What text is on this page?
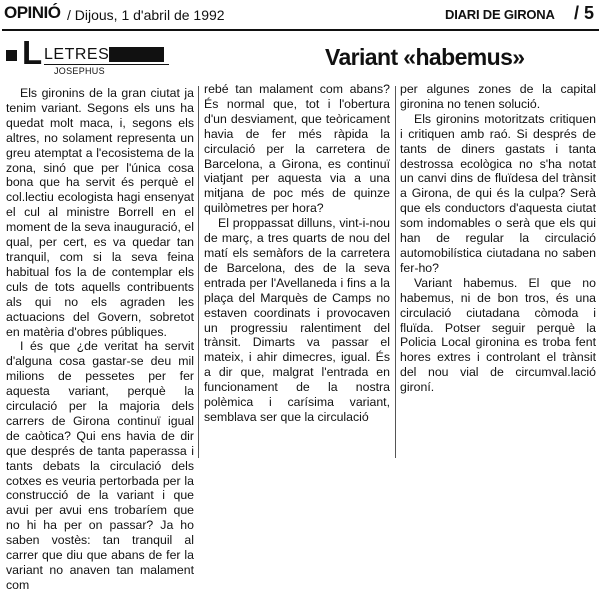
OPINIÓ / Dijous, 1 d'abril de 1992	DIARI DE GIRONA / 5
L LETRES
JOSEPHUS
Variant «habemus»

Els gironins de la gran ciutat ja tenim variant. Segons els uns ha quedat molt maca, i, segons els altres, no solament representa un greu atemptat a l'ecosistema de la zona, sinó que per l'única cosa bona que ha servit és perquè el col.lectiu ecologista hagi ensenyat el cul al ministre Borrell en el moment de la seva inauguració, el qual, per cert, es va quedar tan tranquil, com si la seva feina habitual fos la de contemplar els culs de tots aquells contribuents als qui no els agraden les actuacions del Govern, sobretot en matèria d'obres públiques.

I és que ¿de veritat ha servit d'alguna cosa gastar-se deu mil milions de pessetes per fer aquesta variant, perquè la circulació per la majoria dels carrers de Girona continuï igual de caòtica? Qui ens havia de dir que després de tanta paperassa i tants debats la circulació dels cotxes es veuria pertorbada per la construcció de la variant i que avui per avui ens trobaríem que no hi ha per on passar? Ja ho saben vostès: tan tranquil al carrer que diu que abans de fer la variant no anaven tan malament com

rebé tan malament com abans? És normal que, tot i l'obertura d'un desviament, que teòricament havia de fer més ràpida la circulació per la carretera de Barcelona, a Girona, es continuï viatjant per aquesta via a una mitjana de poc més de quinze quilòmetres per hora?

El proppassat dilluns, vint-i-nou de març, a tres quarts de nou del matí els semàfors de la carretera de Barcelona, des de la seva entrada per l'Avellaneda i fins a la plaça del Marquès de Camps no estaven coordinats i provocaven un progressiu ralentiment del trànsit. Dimarts va passar el mateix, i ahir dimecres, igual. És a dir que, malgrat l'entrada en funcionament de la nostra polèmica i carísima variant, semblava ser que la circulació

per algunes zones de la capital gironina no tenen solució.

Els gironins motoritzats critiquen i critiquen amb raó. Si després de tants de diners gastats i tanta destrossa ecològica no s'ha notat un canvi dins de fluïdesa del trànsit a Girona, de qui és la culpa? Serà que els conductors d'aquesta ciutat som indomables o serà que els qui han de regular la circulació automobilística ciutadana no saben fer-ho?

Variant habemus. El que no habemus, ni de bon tros, és una circulació ciutadana còmoda i fluïda. Potser seguir perquè la Policia Local gironina es troba fent hores extres i controlant el trànsit del nou vial de circumval.lació gironí.
